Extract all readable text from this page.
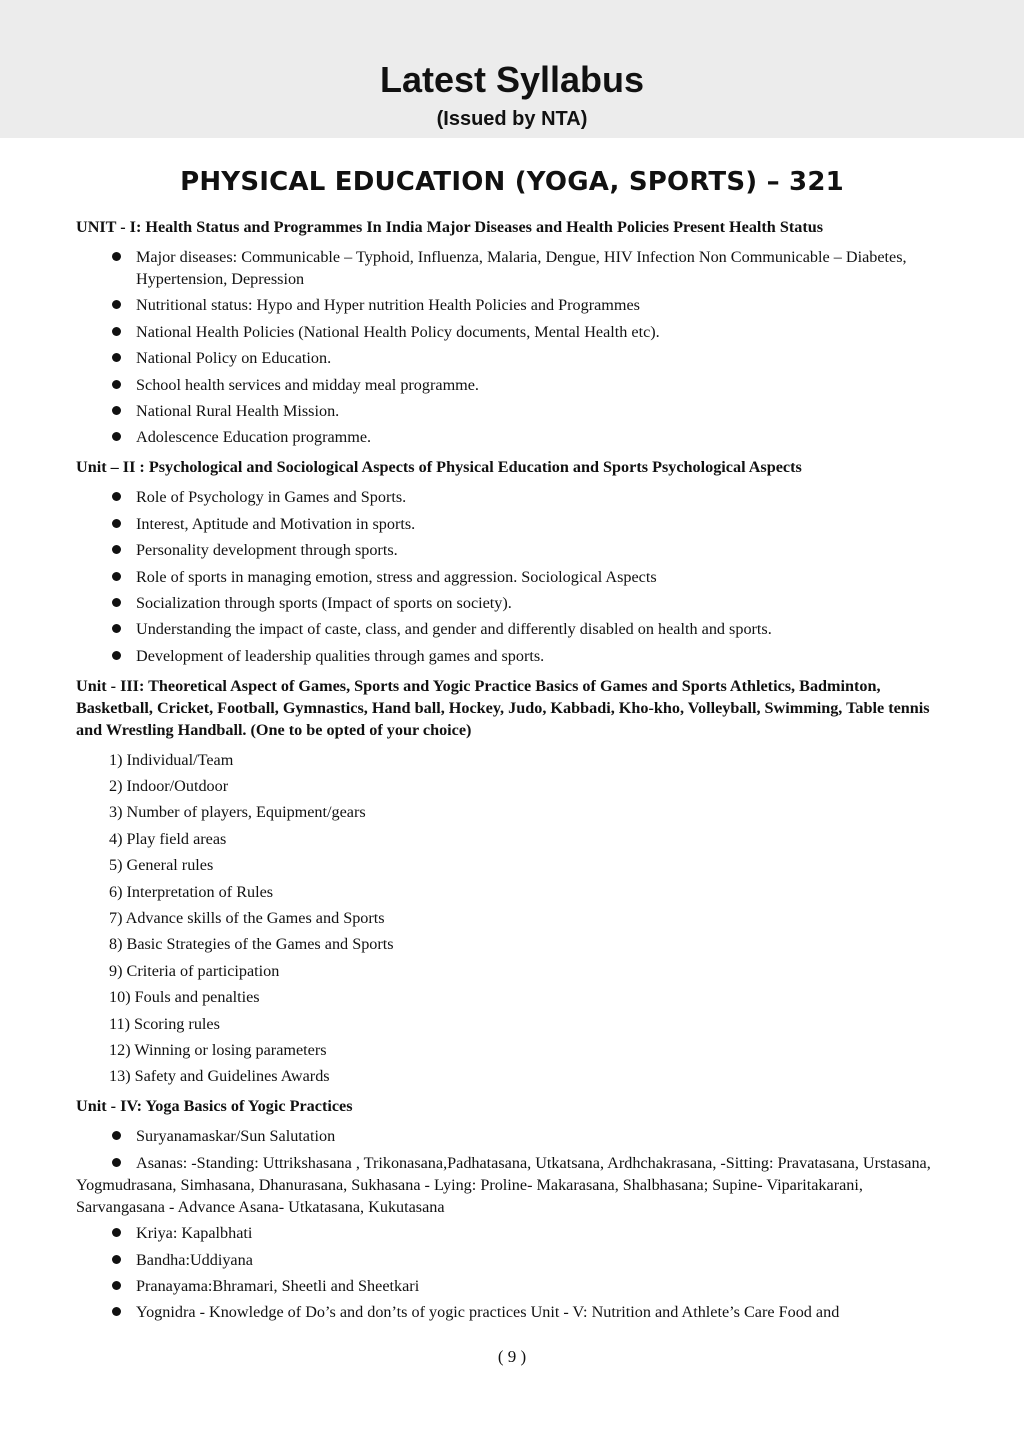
Latest Syllabus
(Issued by NTA)
PHYSICAL EDUCATION (YOGA, SPORTS) – 321
UNIT - I: Health Status and Programmes In India Major Diseases and Health Policies Present Health Status
Major diseases: Communicable – Typhoid, Influenza, Malaria, Dengue, HIV Infection Non Communicable – Diabetes, Hypertension, Depression
Nutritional status: Hypo and Hyper nutrition Health Policies and Programmes
National Health Policies (National Health Policy documents, Mental Health etc).
National Policy on Education.
School health services and midday meal programme.
National Rural Health Mission.
Adolescence Education programme.
Unit – II : Psychological and Sociological Aspects of Physical Education and Sports Psychological Aspects
Role of Psychology in Games and Sports.
Interest, Aptitude and Motivation in sports.
Personality development through sports.
Role of sports in managing emotion, stress and aggression. Sociological Aspects
Socialization through sports (Impact of sports on society).
Understanding the impact of caste, class, and gender and differently disabled on health and sports.
Development of leadership qualities through games and sports.
Unit - III: Theoretical Aspect of Games, Sports and Yogic Practice Basics of Games and Sports Athletics, Badminton, Basketball, Cricket, Football, Gymnastics, Hand ball, Hockey, Judo, Kabbadi, Kho-kho, Volleyball, Swimming, Table tennis and Wrestling Handball. (One to be opted of your choice)
1) Individual/Team
2) Indoor/Outdoor
3) Number of players, Equipment/gears
4) Play field areas
5) General rules
6) Interpretation of Rules
7) Advance skills of the Games and Sports
8) Basic Strategies of the Games and Sports
9) Criteria of participation
10) Fouls and penalties
11) Scoring rules
12) Winning or losing parameters
13) Safety and Guidelines Awards
Unit - IV: Yoga Basics of Yogic Practices
Suryanamaskar/Sun Salutation
Asanas: -Standing: Uttrikshasana , Trikonasana,Padhatasana, Utkatsana, Ardhchakrasana, -Sitting: Pravatasana, Urstasana, Yogmudrasana, Simhasana, Dhanurasana, Sukhasana - Lying: Proline- Makarasana, Shalbhasana; Supine- Viparitakarani, Sarvangasana - Advance Asana- Utkatasana, Kukutasana
Kriya: Kapalbhati
Bandha:Uddiyana
Pranayama:Bhramari, Sheetli and Sheetkari
Yognidra - Knowledge of Do’s and don’ts of yogic practices Unit - V: Nutrition and Athlete’s Care Food and
( 9 )
